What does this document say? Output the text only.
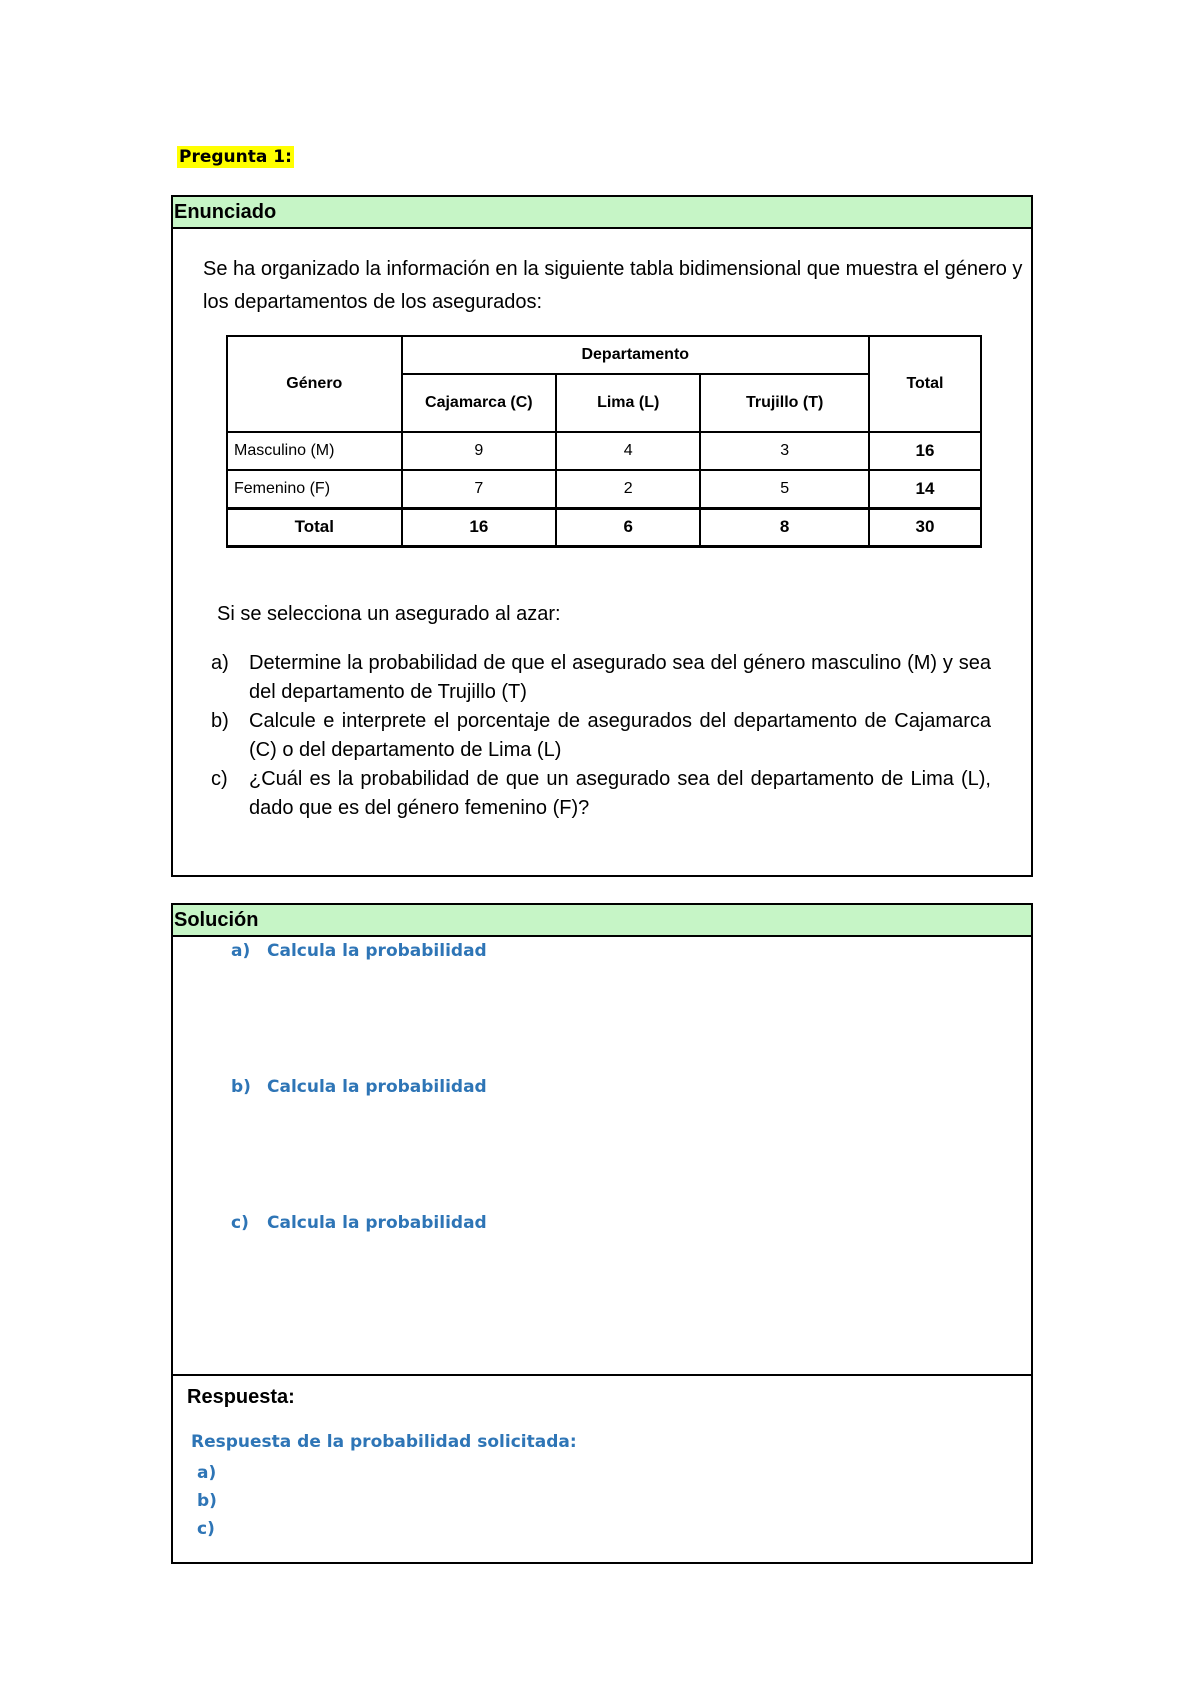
Pregunta 1:
Enunciado
Se ha organizado la información en la siguiente tabla bidimensional que muestra el género y los departamentos de los asegurados:
Género	Departamento			Total
	Cajamarca (C)	Lima (L)	Trujillo (T)	
Masculino (M)	9	4	3	16
Femenino (F)	7	2	5	14
Total	16	6	8	30
Si se selecciona un asegurado al azar:
a) Determine la probabilidad de que el asegurado sea del género masculino (M) y sea del departamento de Trujillo (T)
b) Calcule e interprete el porcentaje de asegurados del departamento de Cajamarca (C) o del departamento de Lima (L)
c) ¿Cuál es la probabilidad de que un asegurado sea del departamento de Lima (L), dado que es del género femenino (F)?
Solución
a) Calcula la probabilidad
b) Calcula la probabilidad
c) Calcula la probabilidad
Respuesta:
Respuesta de la probabilidad solicitada:
a)
b)
c)
